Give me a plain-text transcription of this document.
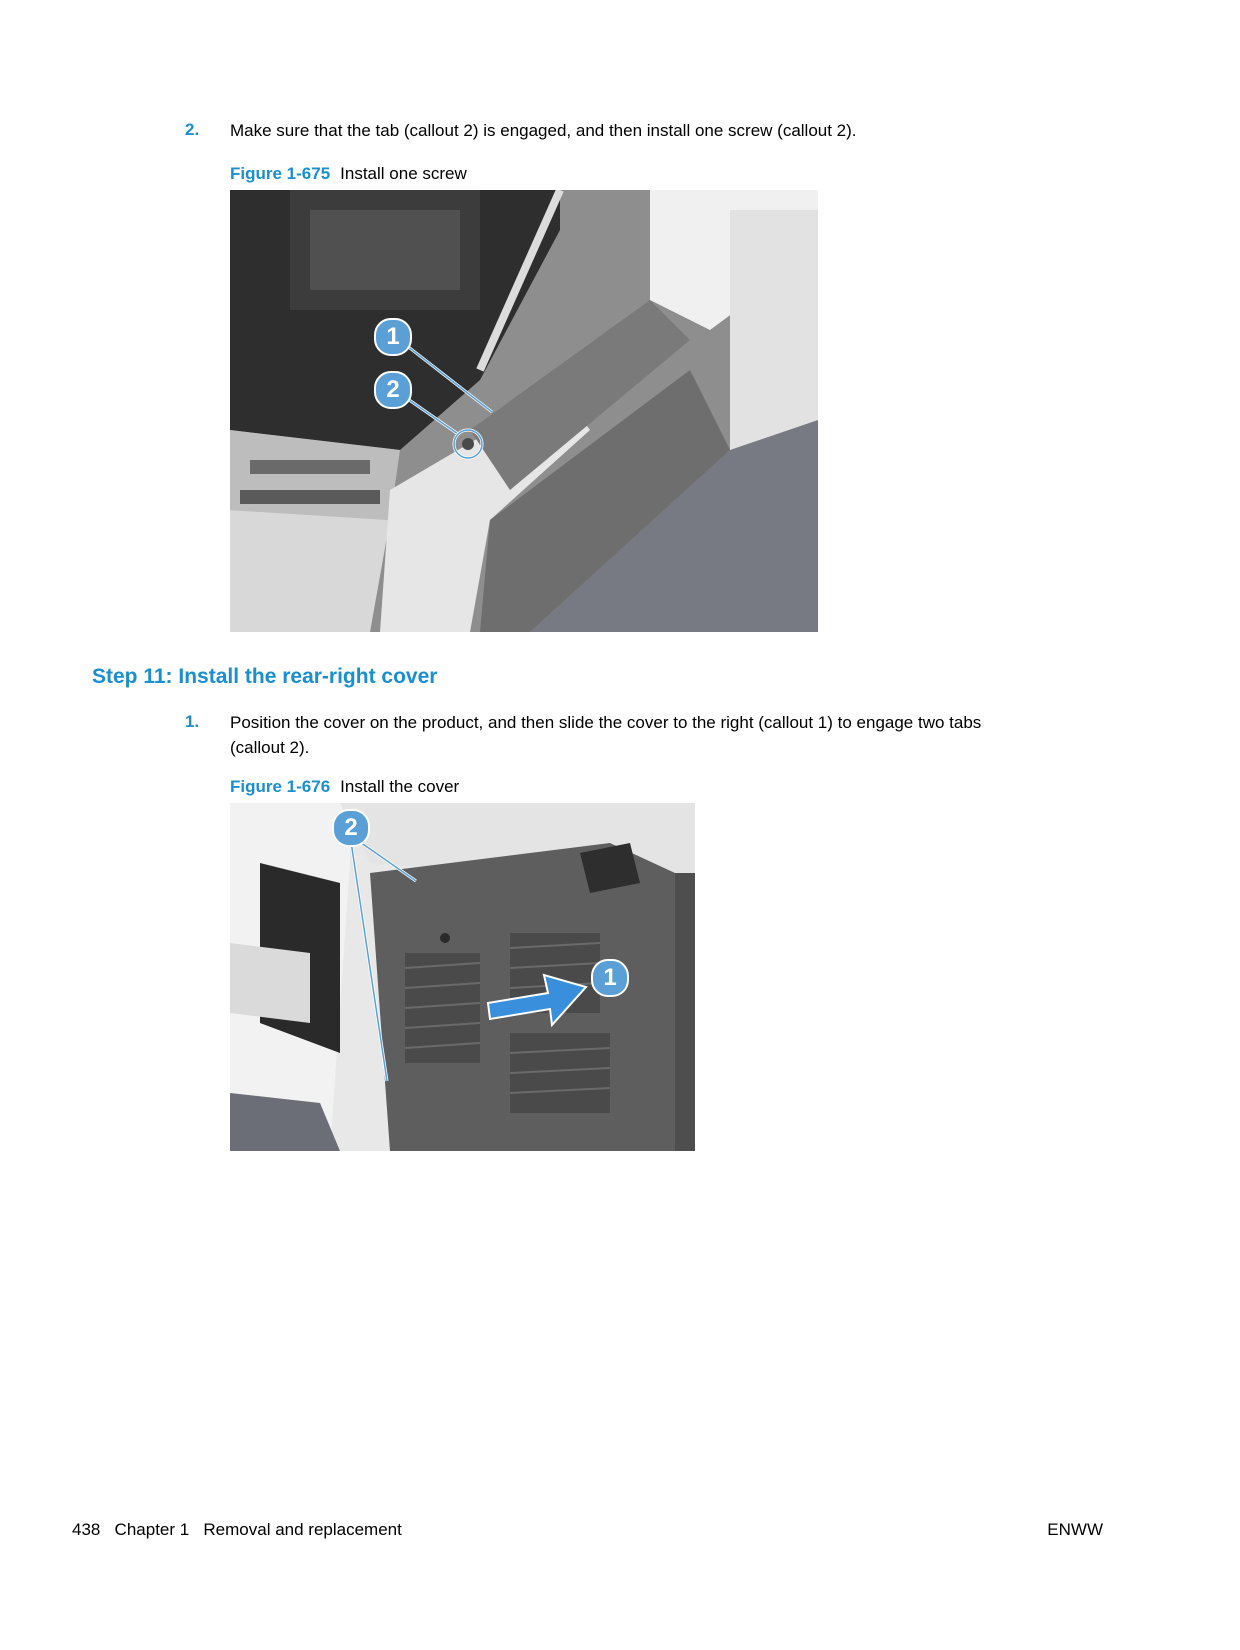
2. Make sure that the tab (callout 2) is engaged, and then install one screw (callout 2).
Figure 1-675 Install one screw
1
2
Step 11: Install the rear-right cover
1. Position the cover on the product, and then slide the cover to the right (callout 1) to engage two tabs
(callout 2).
Figure 1-676 Install the cover
2
1
438 Chapter 1 Removal and replacement	ENWW
